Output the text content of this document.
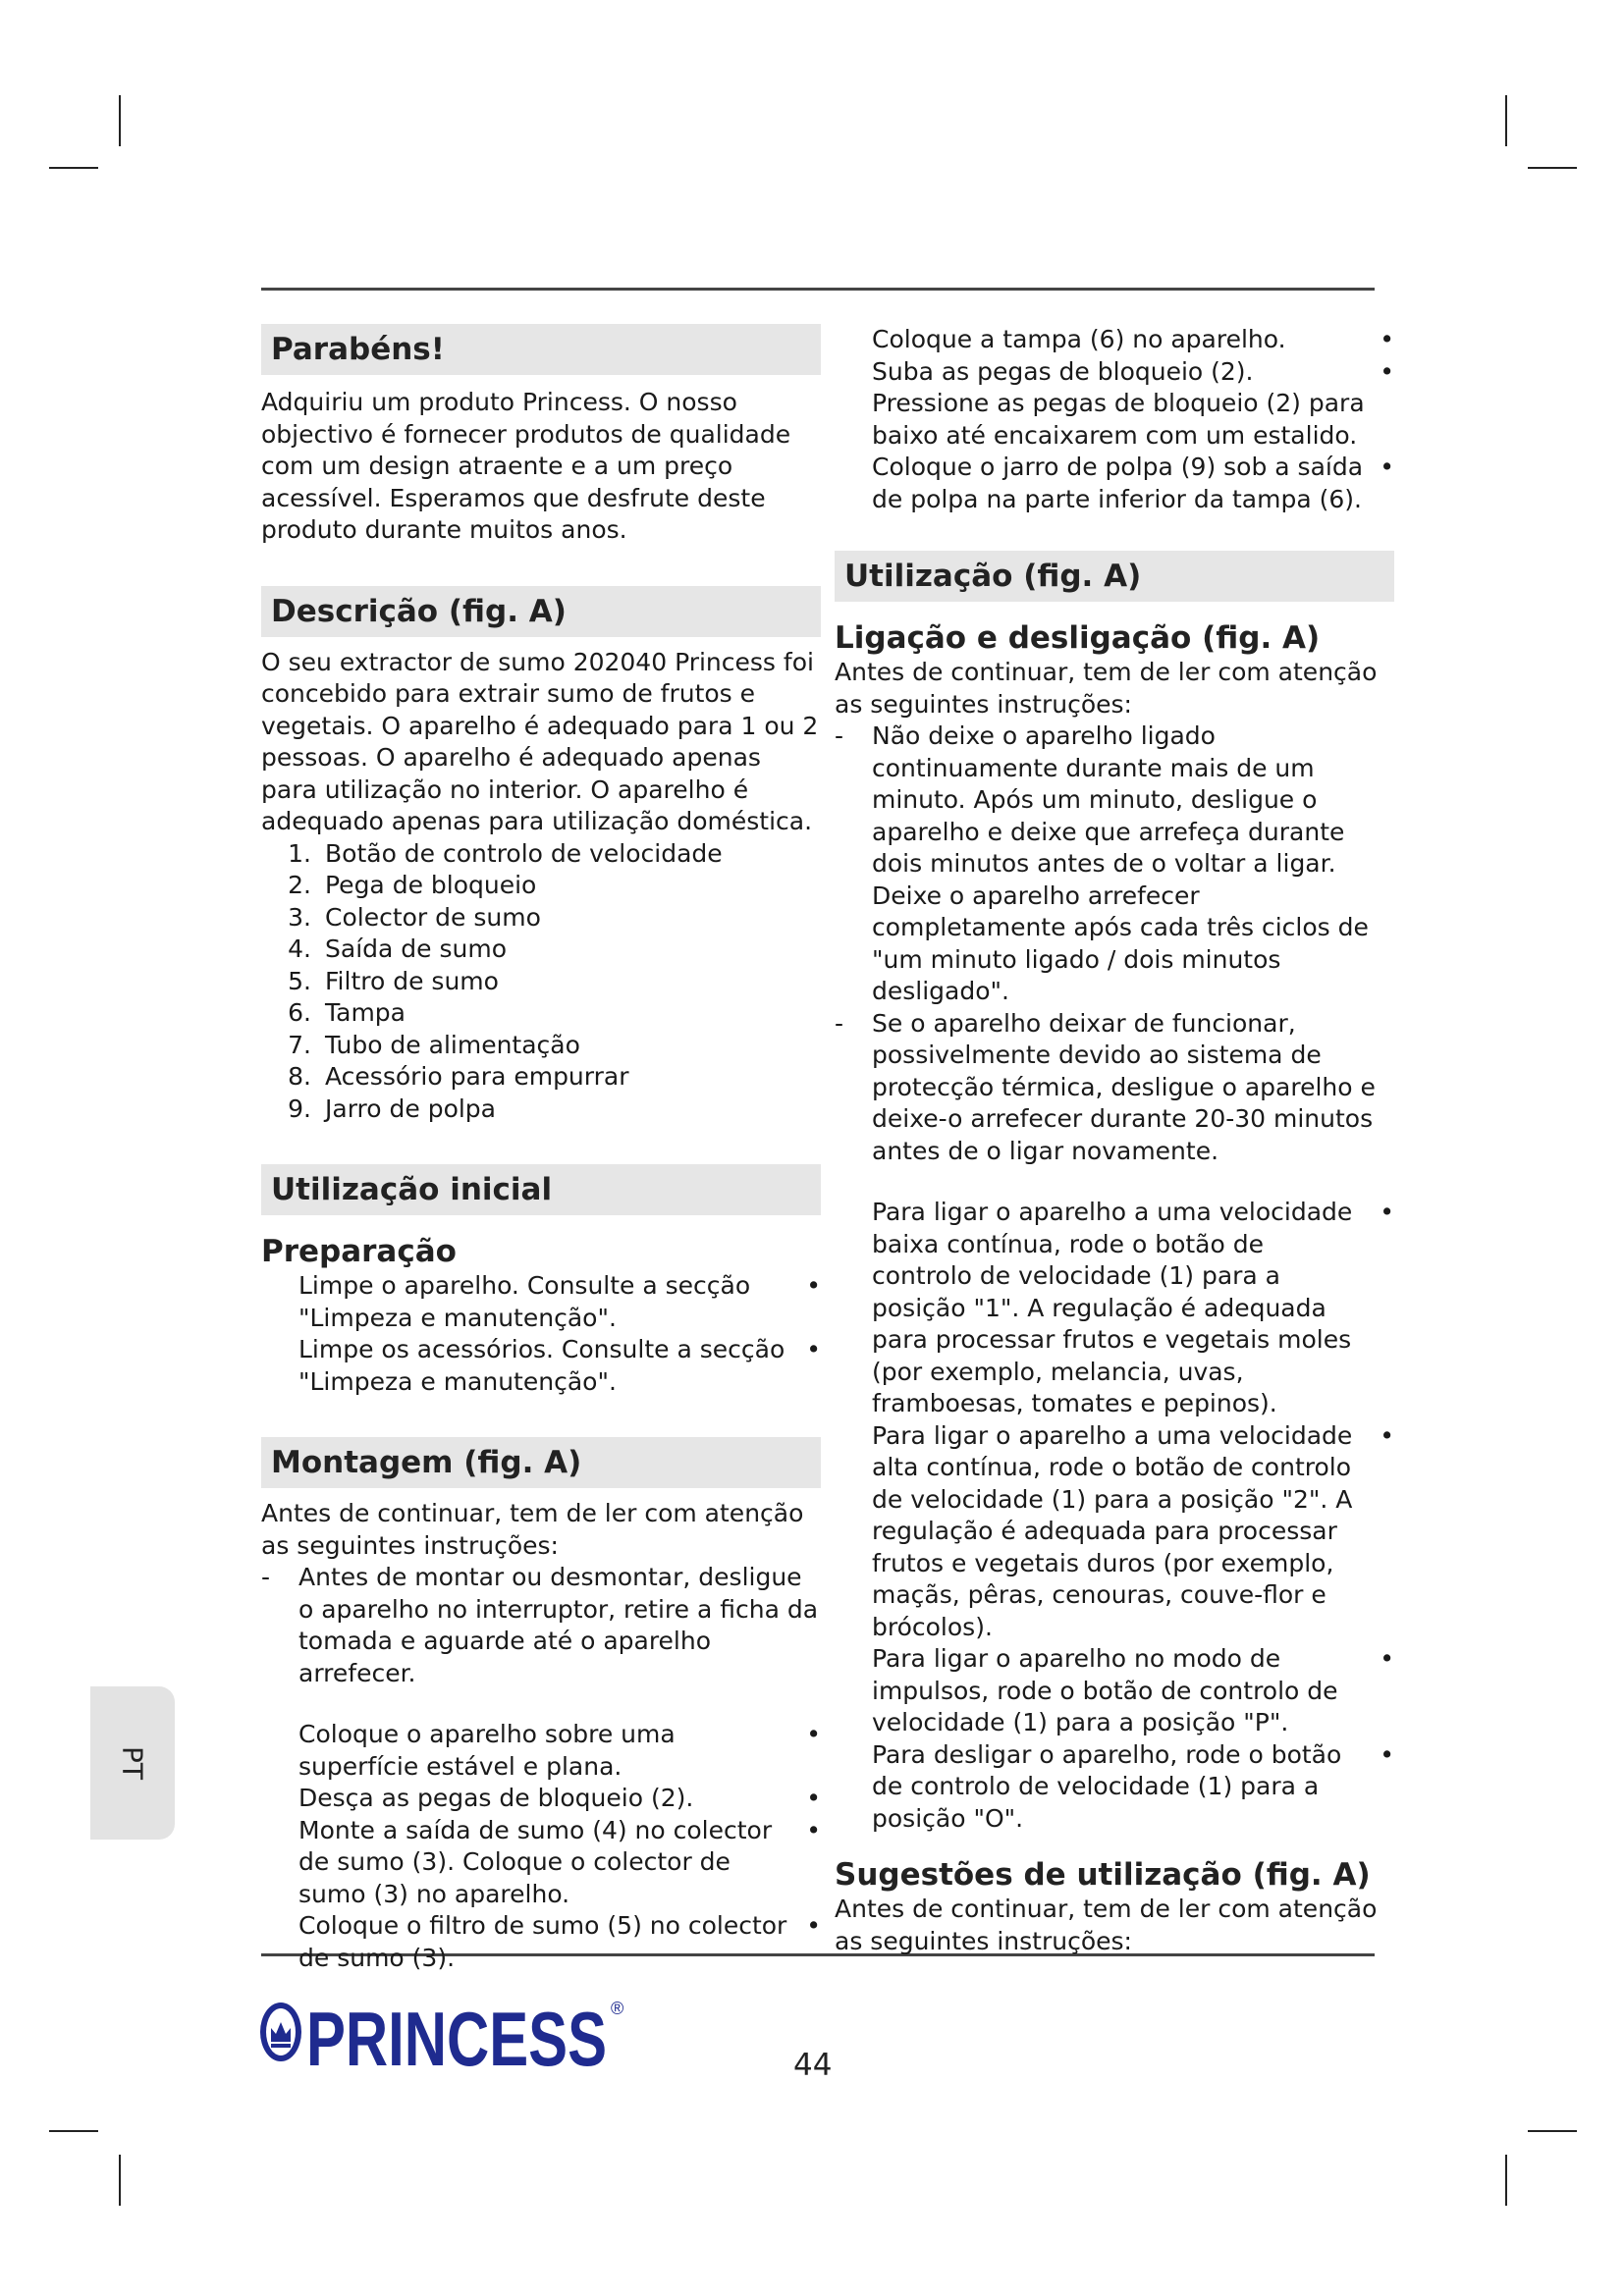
Parabéns!

Adquiriu um produto Princess. O nosso objectivo é fornecer produtos de qualidade com um design atraente e a um preço acessível. Esperamos que desfrute deste produto durante muitos anos.

Descrição (fig. A)

O seu extractor de sumo 202040 Princess foi concebido para extrair sumo de frutos e vegetais. O aparelho é adequado para 1 ou 2 pessoas. O aparelho é adequado apenas para utilização no interior. O aparelho é adequado apenas para utilização doméstica.

1. Botão de controlo de velocidade
2. Pega de bloqueio
3. Colector de sumo
4. Saída de sumo
5. Filtro de sumo
6. Tampa
7. Tubo de alimentação
8. Acessório para empurrar
9. Jarro de polpa
Utilização inicial
Preparação
Limpe o aparelho. Consulte a secção "Limpeza e manutenção".
•
Limpe os acessórios. Consulte a secção "Limpeza e manutenção".
•
Montagem (fig. A)

Antes de continuar, tem de ler com atenção as seguintes instruções:

- Antes de montar ou desmontar, desligue o aparelho no interruptor, retire a ficha da tomada e aguarde até o aparelho arrefecer.
Coloque o aparelho sobre uma superfície estável e plana.
•
Desça as pegas de bloqueio (2).	•
Monte a saída de sumo (4) no colector de sumo (3). Coloque o colector de sumo (3) no aparelho.
•
Coloque o filtro de sumo (5) no colector de sumo (3).
•
Coloque a tampa (6) no aparelho.	•
Suba as pegas de bloqueio (2). Pressione as pegas de bloqueio (2) para baixo até encaixarem com um estalido.
•
Coloque o jarro de polpa (9) sob a saída de polpa na parte inferior da tampa (6).
•
Utilização (fig. A)
Ligação e desligação (fig. A)

Antes de continuar, tem de ler com atenção as seguintes instruções:

- Não deixe o aparelho ligado continuamente durante mais de um minuto. Após um minuto, desligue o aparelho e deixe que arrefeça durante dois minutos antes de o voltar a ligar. Deixe o aparelho arrefecer completamente após cada três ciclos de "um minuto ligado / dois minutos desligado".
- Se o aparelho deixar de funcionar, possivelmente devido ao sistema de protecção térmica, desligue o aparelho e deixe-o arrefecer durante 20-30 minutos antes de o ligar novamente.
Para ligar o aparelho a uma velocidade baixa contínua, rode o botão de controlo de velocidade (1) para a posição "1". A regulação é adequada para processar frutos e vegetais moles (por exemplo, melancia, uvas, framboesas, tomates e pepinos).
•
Para ligar o aparelho a uma velocidade alta contínua, rode o botão de controlo de velocidade (1) para a posição "2". A regulação é adequada para processar frutos e vegetais duros (por exemplo, maçãs, pêras, cenouras, couve-flor e brócolos).
•
Para ligar o aparelho no modo de impulsos, rode o botão de controlo de velocidade (1) para a posição "P".
•
Para desligar o aparelho, rode o botão de controlo de velocidade (1) para a posição "O".
•
Sugestões de utilização (fig. A)

Antes de continuar, tem de ler com atenção as seguintes instruções:

PT
PRINCESS ®
44
